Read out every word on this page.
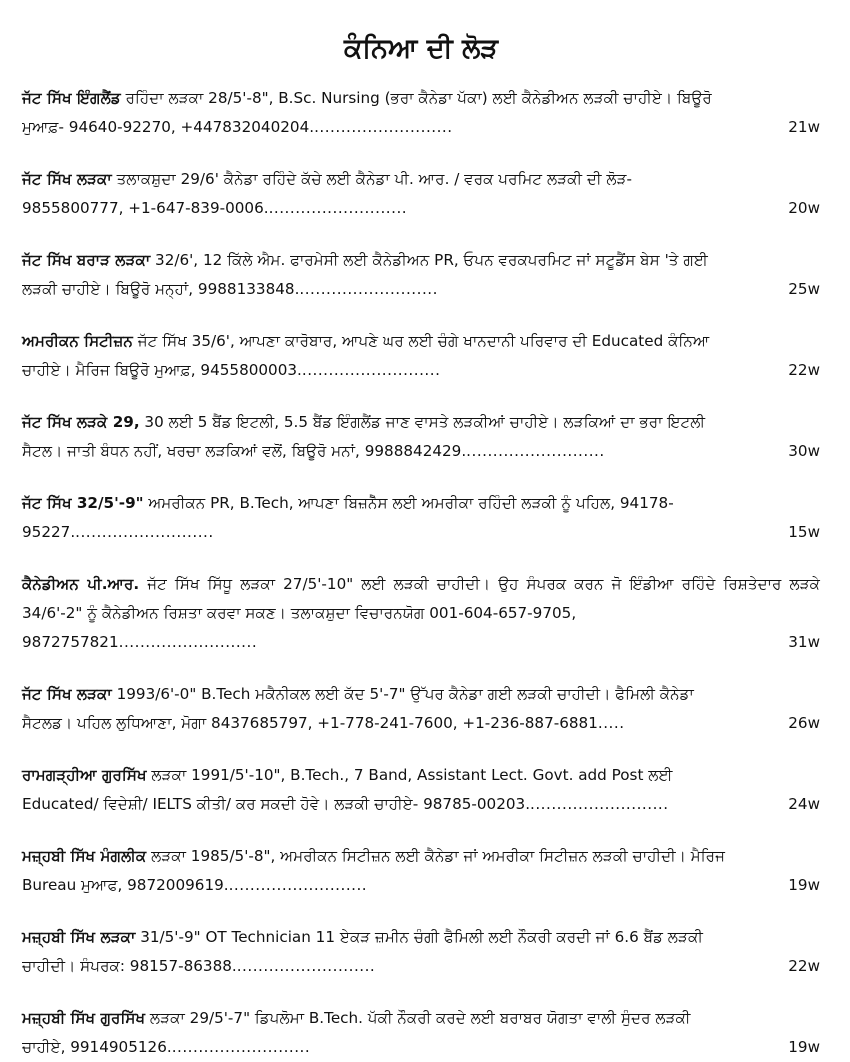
ਕੰਨਿਆ ਦੀ ਲੋੜ
ਜੱਟ ਸਿੱਖ ਇੰਗਲੈਂਡ ਰਹਿੰਦਾ ਲੜਕਾ 28/5'-8", B.Sc. Nursing (ਭਰਾ ਕੈਨੇਡਾ ਪੱਕਾ) ਲਈ ਕੈਨੇਡੀਅਨ ਲੜਕੀ ਚਾਹੀਏ। ਬਿਊਰੋ
ਮੁਆਫ਼- 94640-92270, +447832040204. ..........................	21w
ਜੱਟ ਸਿੱਖ ਲੜਕਾ ਤਲਾਕਸ਼ੁਦਾ 29/6' ਕੈਨੇਡਾ ਰਹਿੰਦੇ ਕੱਚੇ ਲਈ ਕੈਨੇਡਾ ਪੀ. ਆਰ. / ਵਰਕ ਪਰਮਿਟ ਲੜਕੀ ਦੀ ਲੋੜ-
9855800777, +1-647-839-0006. ..........................	20w
ਜੱਟ ਸਿੱਖ ਬਰਾੜ ਲੜਕਾ 32/6', 12 ਕਿੱਲੇ ਐਮ. ਫਾਰਮੇਸੀ ਲਈ ਕੈਨੇਡੀਅਨ PR, ਓਪਨ ਵਰਕਪਰਮਿਟ ਜਾਂ ਸਟੂਡੈਂਸ ਬੇਸ 'ਤੇ ਗਈ
ਲੜਕੀ ਚਾਹੀਏ। ਬਿਊਰੋ ਮਨ੍ਹਾਂ, 9988133848. ..........................	25w
ਅਮਰੀਕਨ ਸਿਟੀਜ਼ਨ ਜੱਟ ਸਿੱਖ 35/6', ਆਪਣਾ ਕਾਰੋਬਾਰ, ਆਪਣੇ ਘਰ ਲਈ ਚੰਗੇ ਖਾਨਦਾਨੀ ਪਰਿਵਾਰ ਦੀ Educated ਕੰਨਿਆ
ਚਾਹੀਏ। ਮੈਰਿਜ ਬਿਊਰੋ ਮੁਆਫ਼, 9455800003. ..........................	22w
ਜੱਟ ਸਿੱਖ ਲੜਕੇ 29, 30 ਲਈ 5 ਬੈਂਡ ਇਟਲੀ, 5.5 ਬੈਂਡ ਇੰਗਲੈਂਡ ਜਾਣ ਵਾਸਤੇ ਲੜਕੀਆਂ ਚਾਹੀਏ। ਲੜਕਿਆਂ ਦਾ ਭਰਾ ਇਟਲੀ
ਸੈਟਲ। ਜਾਤੀ ਬੰਧਨ ਨਹੀਂ, ਖਰਚਾ ਲੜਕਿਆਂ ਵਲੋਂ, ਬਿਊਰੋ ਮਨਾਂ, 9988842429. ..........................	30w
ਜੱਟ ਸਿੱਖ 32/5'-9" ਅਮਰੀਕਨ PR, B.Tech, ਆਪਣਾ ਬਿਜ਼ਨੈੱਸ ਲਈ ਅਮਰੀਕਾ ਰਹਿੰਦੀ ਲੜਕੀ ਨੂੰ ਪਹਿਲ, 94178-
95227. ..........................	15w
ਕੈਨੇਡੀਅਨ ਪੀ.ਆਰ. ਜੱਟ ਸਿੱਖ ਸਿੱਧੂ ਲੜਕਾ 27/5'-10" ਲਈ ਲੜਕੀ ਚਾਹੀਦੀ। ਉਹ ਸੰਪਰਕ ਕਰਨ ਜੋ ਇੰਡੀਆ ਰਹਿੰਦੇ ਰਿਸ਼ਤੇਦਾਰ ਲੜਕੇ 34/6'-2" ਨੂੰ ਕੈਨੇਡੀਅਨ ਰਿਸ਼ਤਾ ਕਰਵਾ ਸਕਣ। ਤਲਾਕਸ਼ੁਦਾ ਵਿਚਾਰਨਯੋਗ 001-604-657-9705,
9872757821 ..........................	31w
ਜੱਟ ਸਿੱਖ ਲੜਕਾ 1993/6'-0" B.Tech ਮਕੈਨੀਕਲ ਲਈ ਕੱਦ 5'-7" ਉੱਪਰ ਕੈਨੇਡਾ ਗਈ ਲੜਕੀ ਚਾਹੀਦੀ। ਫੈਮਿਲੀ ਕੈਨੇਡਾ
ਸੈਟਲਡ। ਪਹਿਲ ਲੁਧਿਆਣਾ, ਮੋਗਾ 8437685797, +1-778-241-7600, +1-236-887-6881 .....	26w
ਰਾਮਗੜ੍ਹੀਆ ਗੁਰਸਿੱਖ ਲੜਕਾ 1991/5'-10", B.Tech., 7 Band, Assistant Lect. Govt. add Post ਲਈ
Educated/ ਵਿਦੇਸ਼ੀ/ IELTS ਕੀਤੀ/ ਕਰ ਸਕਦੀ ਹੋਵੇ। ਲੜਕੀ ਚਾਹੀਏ- 98785-00203. ..........................	24w
ਮਜ਼੍ਹਬੀ ਸਿੱਖ ਮੰਗਲੀਕ ਲੜਕਾ 1985/5'-8", ਅਮਰੀਕਨ ਸਿਟੀਜ਼ਨ ਲਈ ਕੈਨੇਡਾ ਜਾਂ ਅਮਰੀਕਾ ਸਿਟੀਜ਼ਨ ਲੜਕੀ ਚਾਹੀਦੀ। ਮੈਰਿਜ
Bureau ਮੁਆਫ, 9872009619. ..........................	19w
ਮਜ਼੍ਹਬੀ ਸਿੱਖ ਲੜਕਾ 31/5'-9" OT Technician 11 ਏਕੜ ਜ਼ਮੀਨ ਚੰਗੀ ਫੈਮਿਲੀ ਲਈ ਨੌਕਰੀ ਕਰਦੀ ਜਾਂ 6.6 ਬੈਂਡ ਲੜਕੀ
ਚਾਹੀਦੀ। ਸੰਪਰਕ: 98157-86388. ..........................	22w
ਮਜ਼੍ਹਬੀ ਸਿੱਖ ਗੁਰਸਿੱਖ ਲੜਕਾ 29/5'-7" ਡਿਪਲੋਮਾ B.Tech. ਪੱਕੀ ਨੌਕਰੀ ਕਰਦੇ ਲਈ ਬਰਾਬਰ ਯੋਗਤਾ ਵਾਲੀ ਸੁੰਦਰ ਲੜਕੀ
ਚਾਹੀਏ, 9914905126. ..........................	19w
